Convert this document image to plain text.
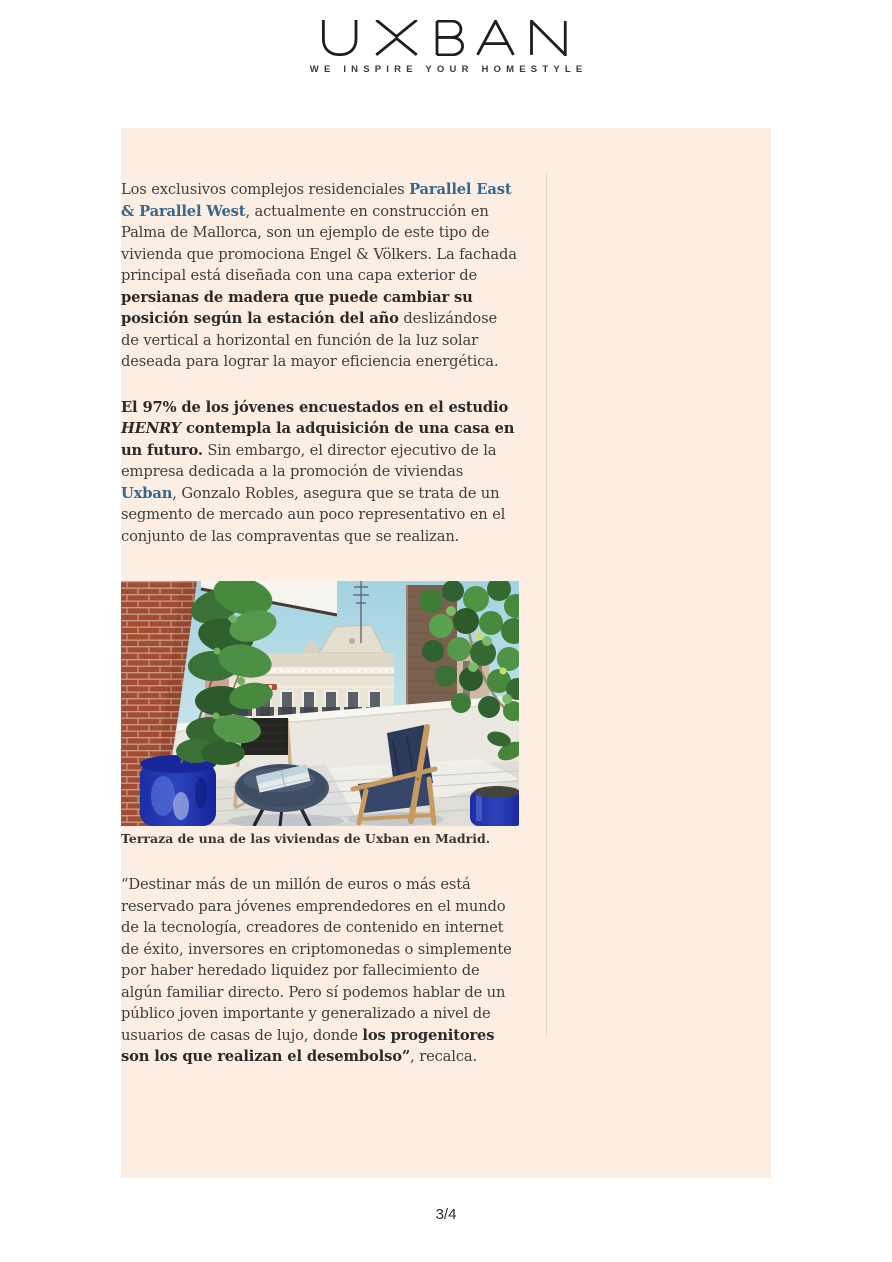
WE INSPIRE YOUR HOMESTYLE

Los exclusivos complejos residenciales Parallel East & Parallel West, actualmente en construcción en Palma de Mallorca, son un ejemplo de este tipo de vivienda que promociona Engel & Völkers. La fachada principal está diseñada con una capa exterior de persianas de madera que puede cambiar su posición según la estación del año deslizándose de vertical a horizontal en función de la luz solar deseada para lograr la mayor eficiencia energética.

El 97% de los jóvenes encuestados en el estudio HENRY contempla la adquisición de una casa en un futuro. Sin embargo, el director ejecutivo de la empresa dedicada a la promoción de viviendas Uxban, Gonzalo Robles, asegura que se trata de un segmento de mercado aun poco representativo en el conjunto de las compraventas que se realizan.

Terraza de una de las viviendas de Uxban en Madrid.

“Destinar más de un millón de euros o más está reservado para jóvenes emprendedores en el mundo de la tecnología, creadores de contenido en internet de éxito, inversores en criptomonedas o simplemente por haber heredado liquidez por fallecimiento de algún familiar directo. Pero sí podemos hablar de un público joven importante y generalizado a nivel de usuarios de casas de lujo, donde los progenitores son los que realizan el desembolso”, recalca.

3/4
